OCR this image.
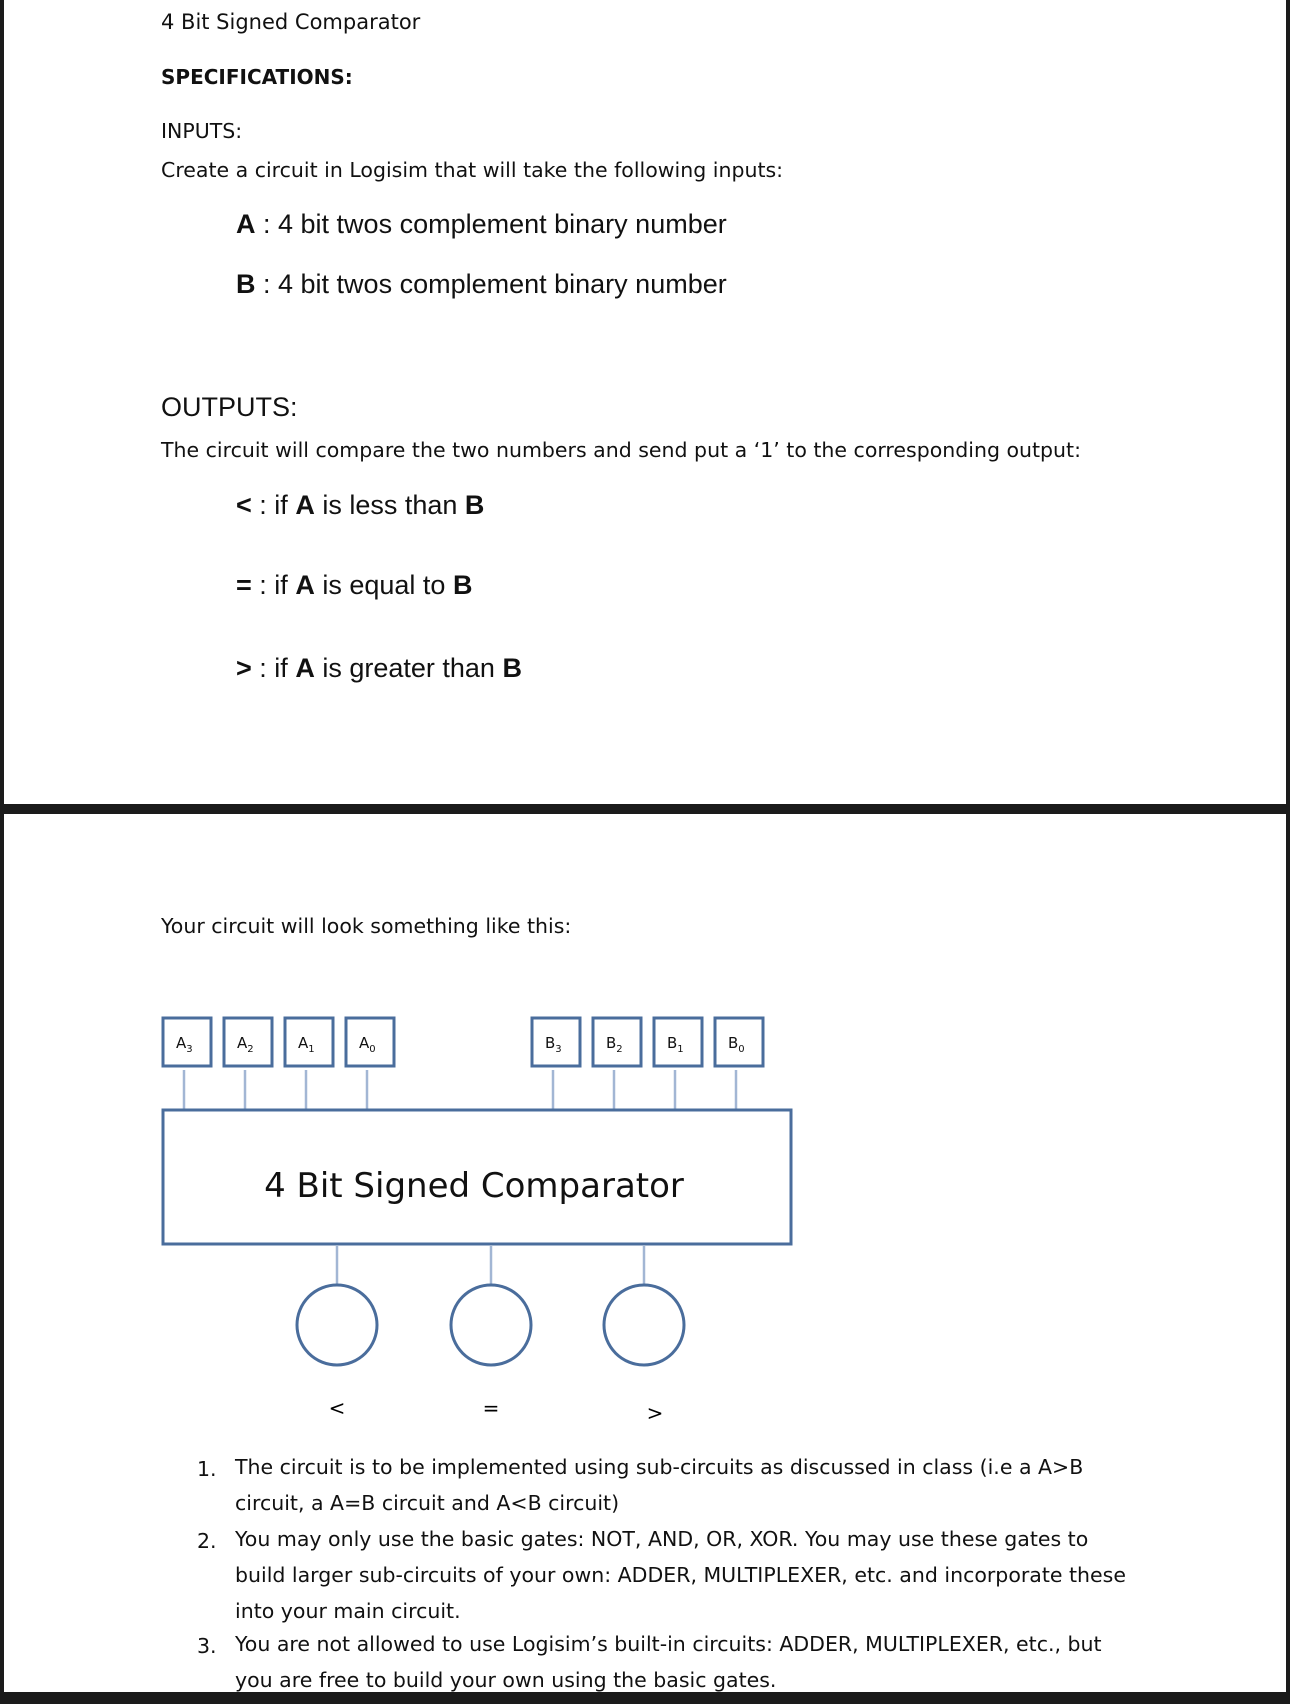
4 Bit Signed Comparator

SPECIFICATIONS:

INPUTS:

Create a circuit in Logisim that will take the following inputs:

A : 4 bit twos complement binary number

B : 4 bit twos complement binary number

OUTPUTS:

The circuit will compare the two numbers and send put a ‘1’ to the corresponding output:

< : if A is less than B

= : if A is equal to B

> : if A is greater than B

Your circuit will look something like this:

$A_3$	$A_2$	$A_1$	$A_0$	$B_3$	$B_2$	$B_1$	$B_0$
4 Bit Signed Comparator
<	=	>
1. The circuit is to be implemented using sub-circuits as discussed in class (i.e a A>B circuit, a A=B circuit and A<B circuit)
2. You may only use the basic gates: NOT, AND, OR, XOR. You may use these gates to build larger sub-circuits of your own: ADDER, MULTIPLEXER, etc. and incorporate these into your main circuit.
3. You are not allowed to use Logisim’s built-in circuits: ADDER, MULTIPLEXER, etc., but you are free to build your own using the basic gates.
